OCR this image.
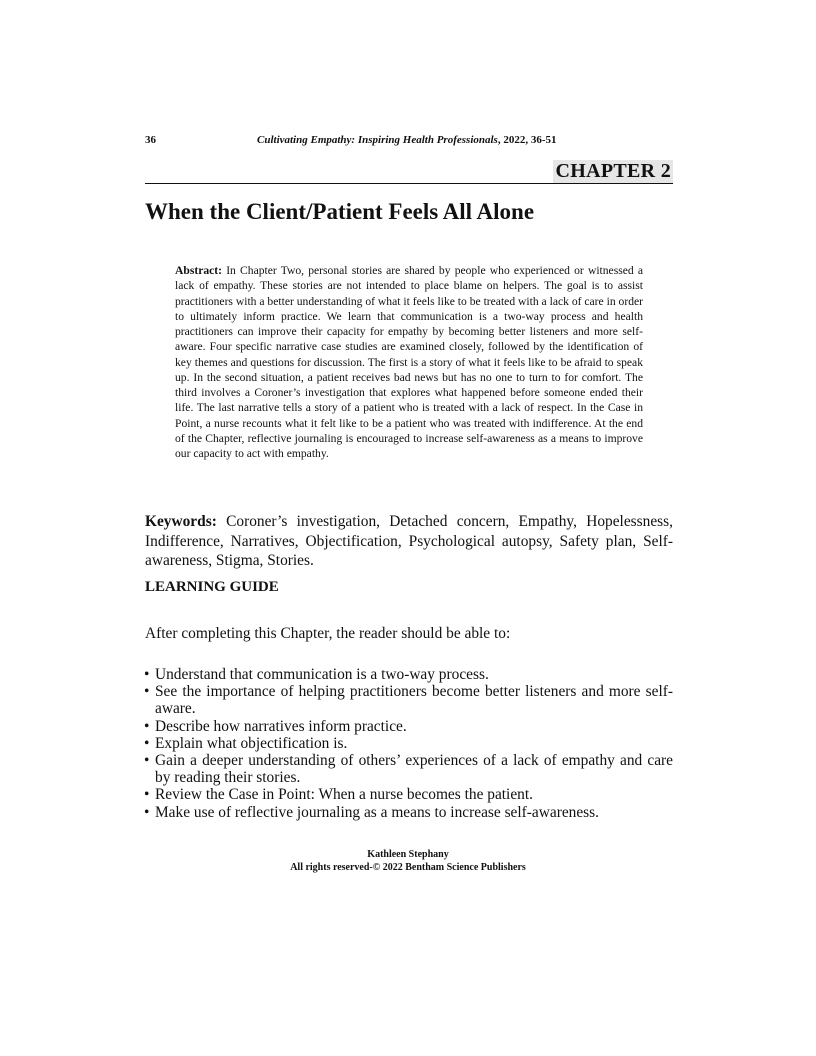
36	Cultivating Empathy: Inspiring Health Professionals, 2022, 36-51
CHAPTER 2
When the Client/Patient Feels All Alone

Abstract: In Chapter Two, personal stories are shared by people who experienced or witnessed a lack of empathy. These stories are not intended to place blame on helpers. The goal is to assist practitioners with a better understanding of what it feels like to be treated with a lack of care in order to ultimately inform practice. We learn that communication is a two-way process and health practitioners can improve their capacity for empathy by becoming better listeners and more self-aware. Four specific narrative case studies are examined closely, followed by the identification of key themes and questions for discussion. The first is a story of what it feels like to be afraid to speak up. In the second situation, a patient receives bad news but has no one to turn to for comfort. The third involves a Coroner’s investigation that explores what happened before someone ended their life. The last narrative tells a story of a patient who is treated with a lack of respect. In the Case in Point, a nurse recounts what it felt like to be a patient who was treated with indifference. At the end of the Chapter, reflective journaling is encouraged to increase self-awareness as a means to improve our capacity to act with empathy.

Keywords: Coroner’s investigation, Detached concern, Empathy, Hopelessness, Indifference, Narratives, Objectification, Psychological autopsy, Safety plan, Self-awareness, Stigma, Stories.

LEARNING GUIDE

After completing this Chapter, the reader should be able to:

• Understand that communication is a two-way process.
• See the importance of helping practitioners become better listeners and more self-aware.
• Describe how narratives inform practice.
• Explain what objectification is.
• Gain a deeper understanding of others’ experiences of a lack of empathy and care by reading their stories.
• Review the Case in Point: When a nurse becomes the patient.
• Make use of reflective journaling as a means to increase self-awareness.
Kathleen Stephany
All rights reserved-© 2022 Bentham Science Publishers
